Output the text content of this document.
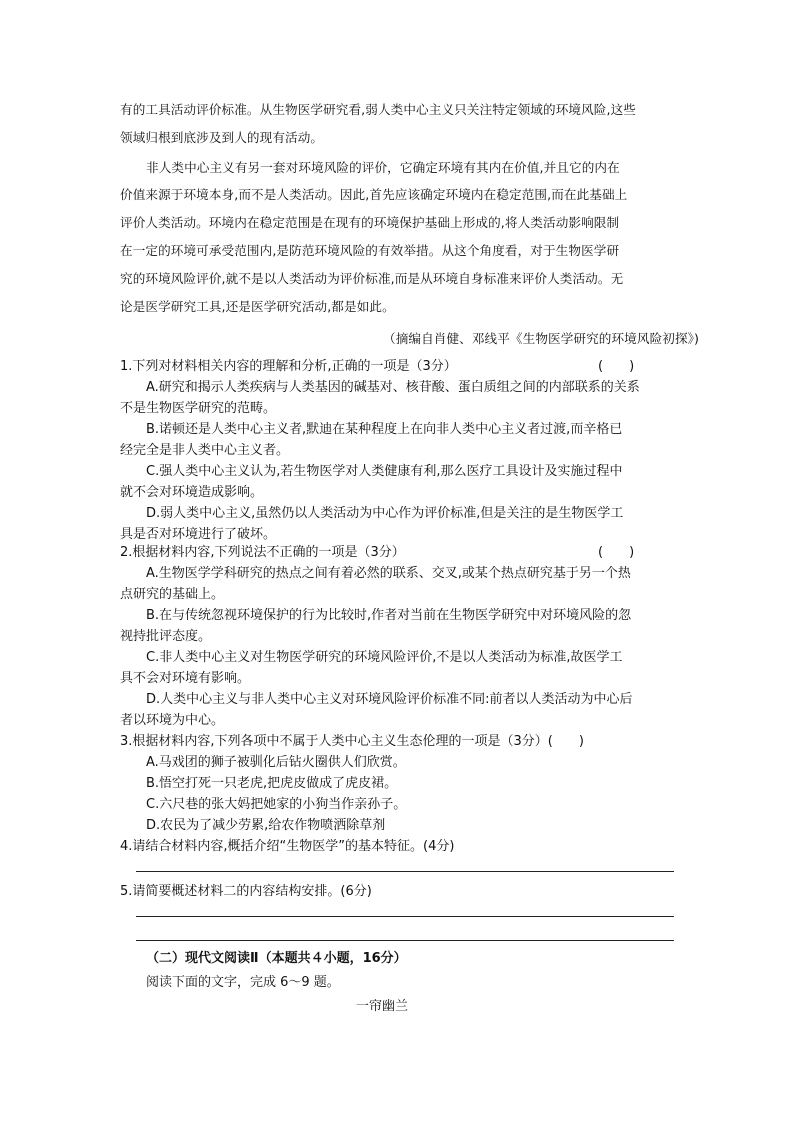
有的工具活动评价标准。从生物医学研究看,弱人类中心主义只关注特定领域的环境风险,这些
领域归根到底涉及到人的现有活动。
非人类中心主义有另一套对环境风险的评价，它确定环境有其内在价值,并且它的内在
价值来源于环境本身,而不是人类活动。因此,首先应该确定环境内在稳定范围,而在此基础上
评价人类活动。环境内在稳定范围是在现有的环境保护基础上形成的,将人类活动影响限制
在一定的环境可承受范围内,是防范环境风险的有效举措。从这个角度看，对于生物医学研
究的环境风险评价,就不是以人类活动为评价标准,而是从环境自身标准来评价人类活动。无
论是医学研究工具,还是医学研究活动,都是如此。
（摘编自肖健、邓线平《生物医学研究的环境风险初探》)
1.下列对材料相关内容的理解和分析,正确的一项是（3分）	(　　)
A.研究和揭示人类疾病与人类基因的碱基对、核苷酸、蛋白质组之间的内部联系的关系
不是生物医学研究的范畴。
B.诺顿还是人类中心主义者,默迪在某种程度上在向非人类中心主义者过渡,而辛格已
经完全是非人类中心主义者。
C.强人类中心主义认为,若生物医学对人类健康有利,那么医疗工具设计及实施过程中
就不会对环境造成影响。
D.弱人类中心主义,虽然仍以人类活动为中心作为评价标准,但是关注的是生物医学工
具是否对环境进行了破坏。
2.根据材料内容,下列说法不正确的一项是（3分）	(　　)
A.生物医学学科研究的热点之间有着必然的联系、交叉,或某个热点研究基于另一个热
点研究的基础上。
B.在与传统忽视环境保护的行为比较时,作者对当前在生物医学研究中对环境风险的忽
视持批评态度。
C.非人类中心主义对生物医学研究的环境风险评价,不是以人类活动为标准,故医学工
具不会对环境有影响。
D.人类中心主义与非人类中心主义对环境风险评价标准不同:前者以人类活动为中心后
者以环境为中心。
3.根据材料内容,下列各项中不属于人类中心主义生态伦理的一项是（3分）(　　)
A.马戏团的狮子被驯化后钻火圈供人们欣赏。
B.悟空打死一只老虎,把虎皮做成了虎皮裙。
C.六尺巷的张大妈把她家的小狗当作亲孙子。
D.农民为了减少劳累,给农作物喷洒除草剂
4.请结合材料内容,概括介绍“生物医学”的基本特征。(4分)
5.请简要概述材料二的内容结构安排。(6分)
（二）现代文阅读Ⅱ（本题共４小题，16分）
阅读下面的文字，完成 6～9 题。
一帘幽兰
